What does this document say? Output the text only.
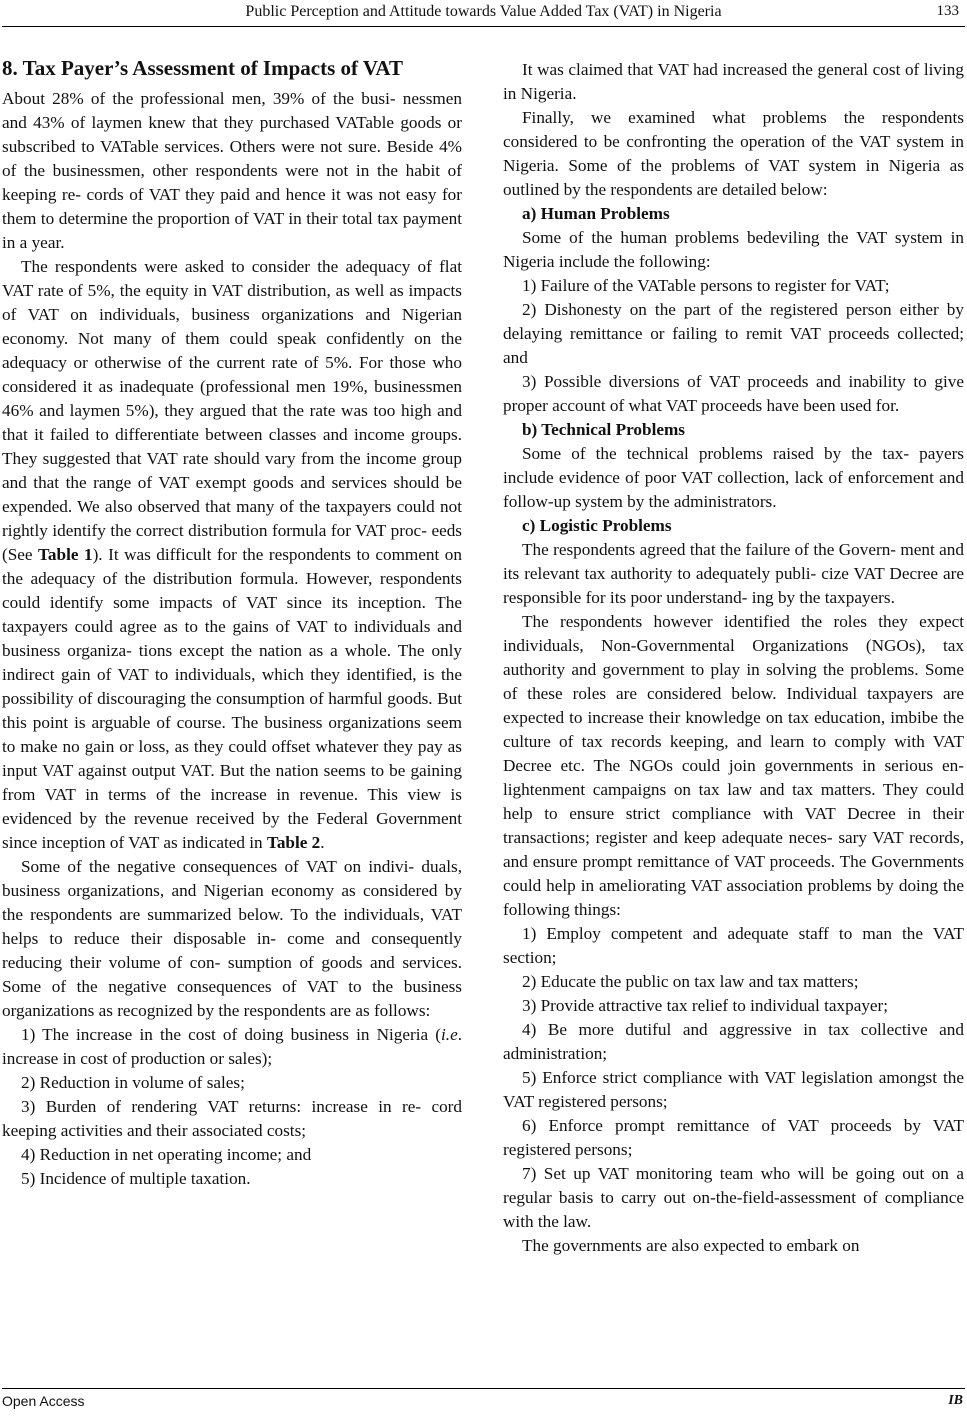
Public Perception and Attitude towards Value Added Tax (VAT) in Nigeria	133
8. Tax Payer’s Assessment of Impacts of VAT

About 28% of the professional men, 39% of the busi- nessmen and 43% of laymen knew that they purchased VATable goods or subscribed to VATable services. Others were not sure. Beside 4% of the businessmen, other respondents were not in the habit of keeping re- cords of VAT they paid and hence it was not easy for them to determine the proportion of VAT in their total tax payment in a year.

The respondents were asked to consider the adequacy of flat VAT rate of 5%, the equity in VAT distribution, as well as impacts of VAT on individuals, business organizations and Nigerian economy. Not many of them could speak confidently on the adequacy or otherwise of the current rate of 5%. For those who considered it as inadequate (professional men 19%, businessmen 46% and laymen 5%), they argued that the rate was too high and that it failed to differentiate between classes and income groups. They suggested that VAT rate should vary from the income group and that the range of VAT exempt goods and services should be expended. We also observed that many of the taxpayers could not rightly identify the correct distribution formula for VAT proc- eeds (See Table 1). It was difficult for the respondents to comment on the adequacy of the distribution formula. However, respondents could identify some impacts of VAT since its inception. The taxpayers could agree as to the gains of VAT to individuals and business organiza- tions except the nation as a whole. The only indirect gain of VAT to individuals, which they identified, is the possibility of discouraging the consumption of harmful goods. But this point is arguable of course. The business organizations seem to make no gain or loss, as they could offset whatever they pay as input VAT against output VAT. But the nation seems to be gaining from VAT in terms of the increase in revenue. This view is evidenced by the revenue received by the Federal Government since inception of VAT as indicated in Table 2.

Some of the negative consequences of VAT on indivi- duals, business organizations, and Nigerian economy as considered by the respondents are summarized below. To the individuals, VAT helps to reduce their disposable in- come and consequently reducing their volume of con- sumption of goods and services. Some of the negative consequences of VAT to the business organizations as recognized by the respondents are as follows:

1) The increase in the cost of doing business in Nigeria (i.e. increase in cost of production or sales);

2) Reduction in volume of sales;

3) Burden of rendering VAT returns: increase in re- cord keeping activities and their associated costs;

4) Reduction in net operating income; and

5) Incidence of multiple taxation.

It was claimed that VAT had increased the general cost of living in Nigeria.

Finally, we examined what problems the respondents considered to be confronting the operation of the VAT system in Nigeria. Some of the problems of VAT system in Nigeria as outlined by the respondents are detailed below:

a) Human Problems

Some of the human problems bedeviling the VAT system in Nigeria include the following:

1) Failure of the VATable persons to register for VAT;

2) Dishonesty on the part of the registered person either by delaying remittance or failing to remit VAT proceeds collected; and

3) Possible diversions of VAT proceeds and inability to give proper account of what VAT proceeds have been used for.

b) Technical Problems

Some of the technical problems raised by the tax- payers include evidence of poor VAT collection, lack of enforcement and follow-up system by the administrators.

c) Logistic Problems

The respondents agreed that the failure of the Govern- ment and its relevant tax authority to adequately publi- cize VAT Decree are responsible for its poor understand- ing by the taxpayers.

The respondents however identified the roles they expect individuals, Non-Governmental Organizations (NGOs), tax authority and government to play in solving the problems. Some of these roles are considered below. Individual taxpayers are expected to increase their knowledge on tax education, imbibe the culture of tax records keeping, and learn to comply with VAT Decree etc. The NGOs could join governments in serious en- lightenment campaigns on tax law and tax matters. They could help to ensure strict compliance with VAT Decree in their transactions; register and keep adequate neces- sary VAT records, and ensure prompt remittance of VAT proceeds. The Governments could help in ameliorating VAT association problems by doing the following things:

1) Employ competent and adequate staff to man the VAT section;

2) Educate the public on tax law and tax matters;

3) Provide attractive tax relief to individual taxpayer;

4) Be more dutiful and aggressive in tax collective and administration;

5) Enforce strict compliance with VAT legislation amongst the VAT registered persons;

6) Enforce prompt remittance of VAT proceeds by VAT registered persons;

7) Set up VAT monitoring team who will be going out on a regular basis to carry out on-the-field-assessment of compliance with the law.

The governments are also expected to embark on

Open Access	IB
